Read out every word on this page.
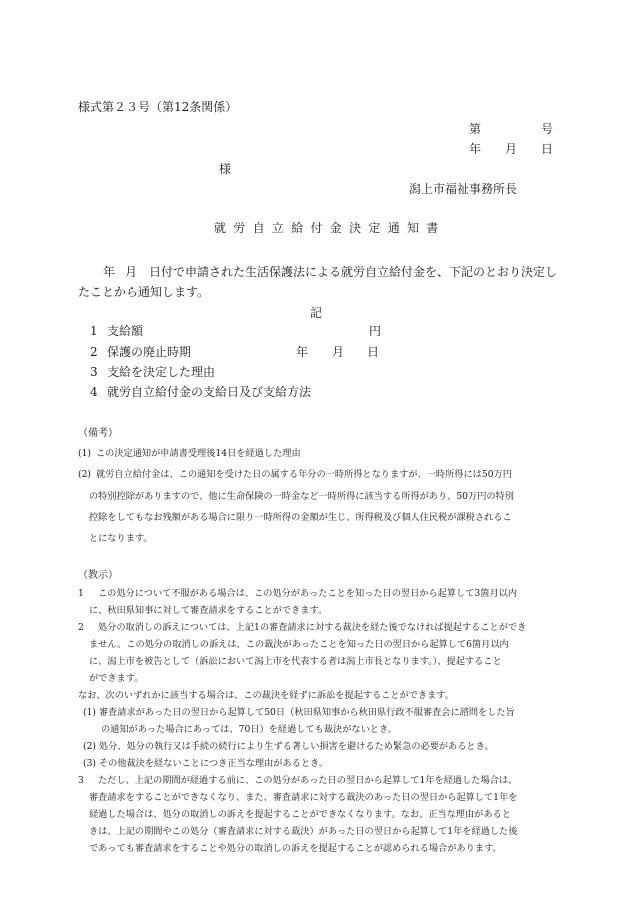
様式第２３号（第12条関係）
第	号
年 月 日
様
潟上市福祉事務所長
就労自立給付金決定通知書
年 月 日付で申請された生活保護法による就労自立給付金を、下記のとおり決定し
たことから通知します。
記
1 支給額	円
2 保護の廃止時期	年 月 日
3 支給を決定した理由
4 就労自立給付金の支給日及び支給方法
（備考）
(1) この決定通知が申請書受理後14日を経過した理由
(2) 就労自立給付金は、この通知を受けた日の属する年分の一時所得となりますが、一時所得には50万円
の特別控除がありますので、他に生命保険の一時金など一時所得に該当する所得があり、50万円の特別
控除をしてもなお残額がある場合に限り一時所得の金額が生じ、所得税及び個人住民税が課税されるこ
とになります。
（教示）
1 この処分について不服がある場合は、この処分があったことを知った日の翌日から起算して3箇月以内
に、秋田県知事に対して審査請求をすることができます。
2 処分の取消しの訴えについては、上記1の審査請求に対する裁決を経た後でなければ提起することができ
ません。この処分の取消しの訴えは、この裁決があったことを知った日の翌日から起算して6箇月以内
に、潟上市を被告として（訴訟において潟上市を代表する者は潟上市長となります。）、提起すること
ができます。
なお、次のいずれかに該当する場合は、この裁決を経ずに訴訟を提起することができます。
(1) 審査請求があった日の翌日から起算して50日（秋田県知事から秋田県行政不服審査会に諮問をした旨
の通知があった場合にあっては、70日）を経過しても裁決がないとき。
(2) 処分、処分の執行又は手続の続行により生ずる著しい損害を避けるため緊急の必要があるとき。
(3) その他裁決を経ないことにつき正当な理由があるとき。
3 ただし、上記の期間が経過する前に、この処分があった日の翌日から起算して1年を経過した場合は、
審査請求をすることができなくなり、また、審査請求に対する裁決のあった日の翌日から起算して1年を
経過した場合は、処分の取消しの訴えを提起することができなくなります。なお、正当な理由があると
きは、上記の期間やこの処分（審査請求に対する裁決）があった日の翌日から起算して1年を経過した後
であっても審査請求をすることや処分の取消しの訴えを提起することが認められる場合があります。
